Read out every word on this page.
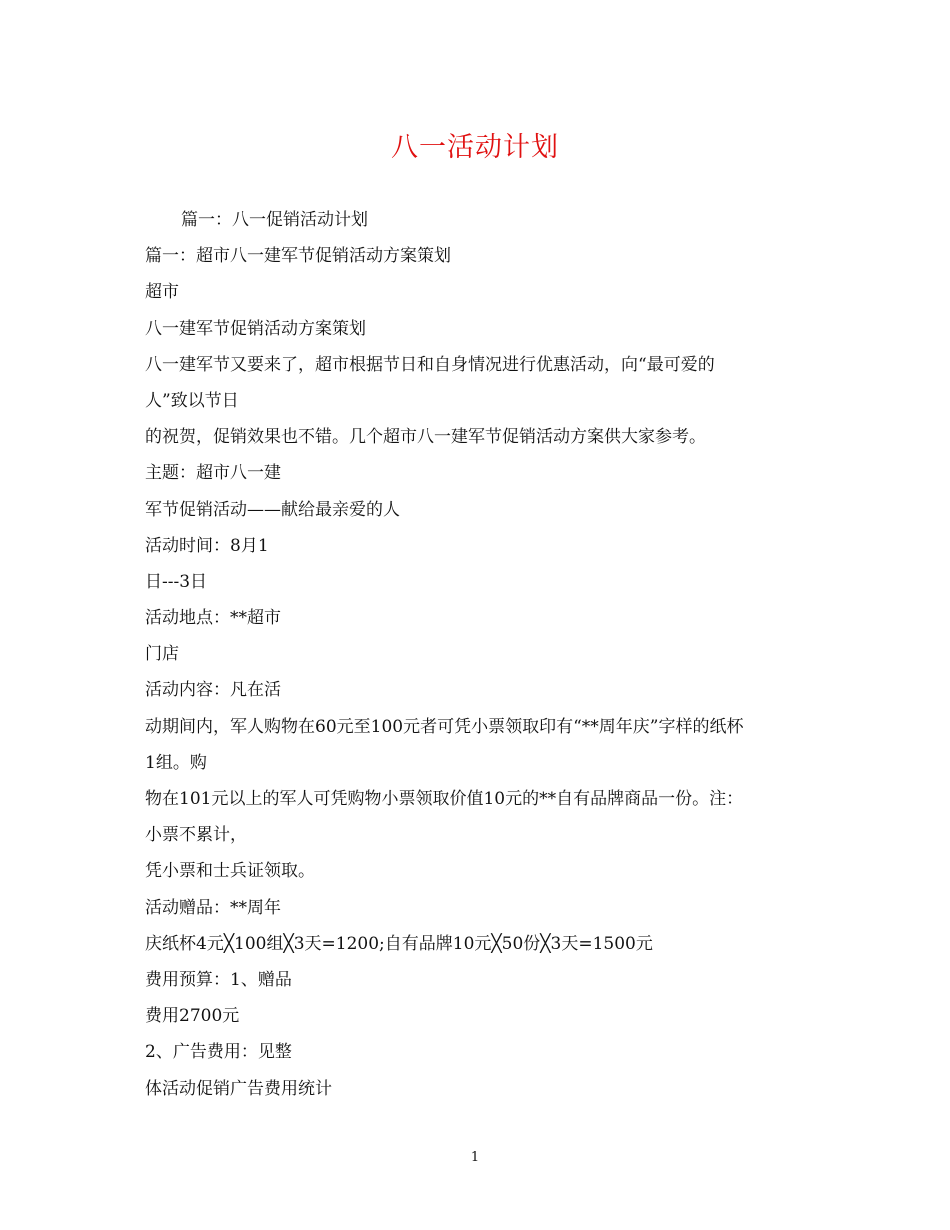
八一活动计划
篇一：八一促销活动计划
篇一：超市八一建军节促销活动方案策划
超市
八一建军节促销活动方案策划
八一建军节又要来了，超市根据节日和自身情况进行优惠活动，向“最可爱的
人”致以节日
的祝贺，促销效果也不错。几个超市八一建军节促销活动方案供大家参考。
主题：超市八一建
军节促销活动——献给最亲爱的人
活动时间：8月1
日---3日
活动地点：**超市
门店
活动内容：凡在活
动期间内，军人购物在60元至100元者可凭小票领取印有“**周年庆”字样的纸杯
1组。购
物在101元以上的军人可凭购物小票领取价值10元的**自有品牌商品一份。注：
小票不累计，
凭小票和士兵证领取。
活动赠品：**周年
庆纸杯4元╳100组╳3天=1200;自有品牌10元╳50份╳3天=1500元
费用预算：1、赠品
费用2700元
2、广告费用：见整
体活动促销广告费用统计
1
